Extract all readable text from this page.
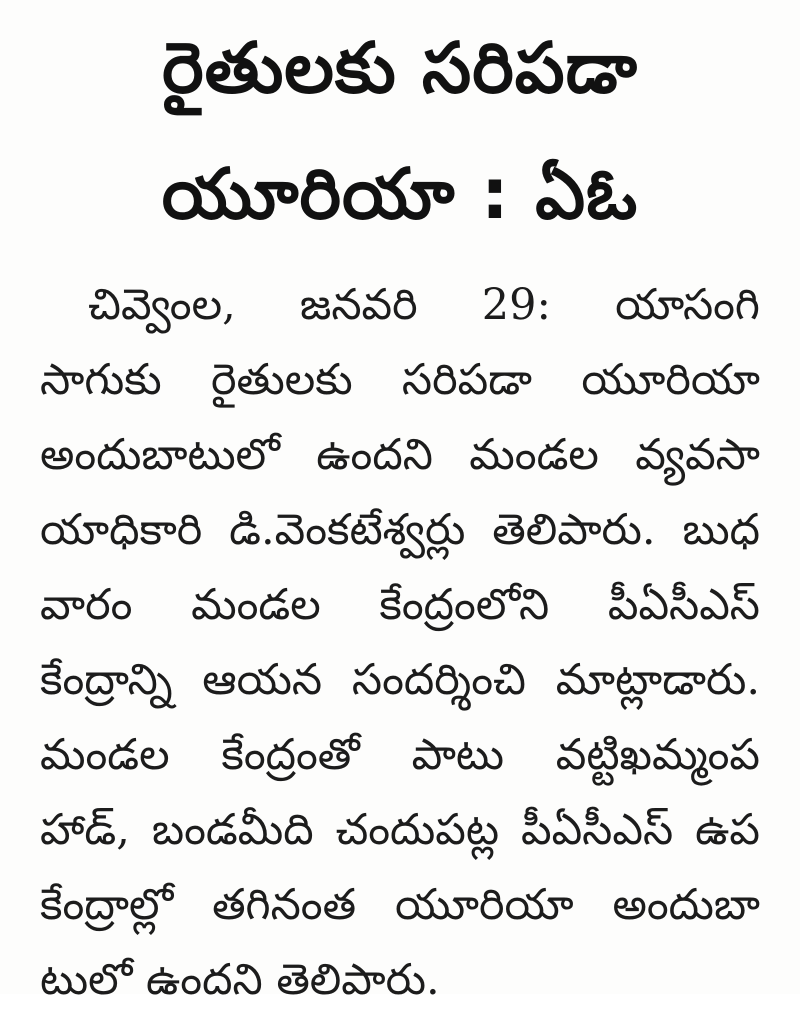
రైతులకు సరిపడా
యూరియా : ఏఓ
చివ్వెంల, జనవరి 29: యాసంగి
సాగుకు రైతులకు సరిపడా యూరియా
అందుబాటులో ఉందని మండల వ్యవసా
యాధికారి డి.వెంకటేశ్వర్లు తెలిపారు. బుధ
వారం మండల కేంద్రంలోని పీఏసీఎస్
కేంద్రాన్ని ఆయన సందర్శించి మాట్లాడారు.
మండల కేంద్రంతో పాటు వట్టిఖమ్మంప
హాడ్, బండమీది చందుపట్ల పీఏసీఎస్ ఉప
కేంద్రాల్లో తగినంత యూరియా అందుబా
టులో ఉందని తెలిపారు.
